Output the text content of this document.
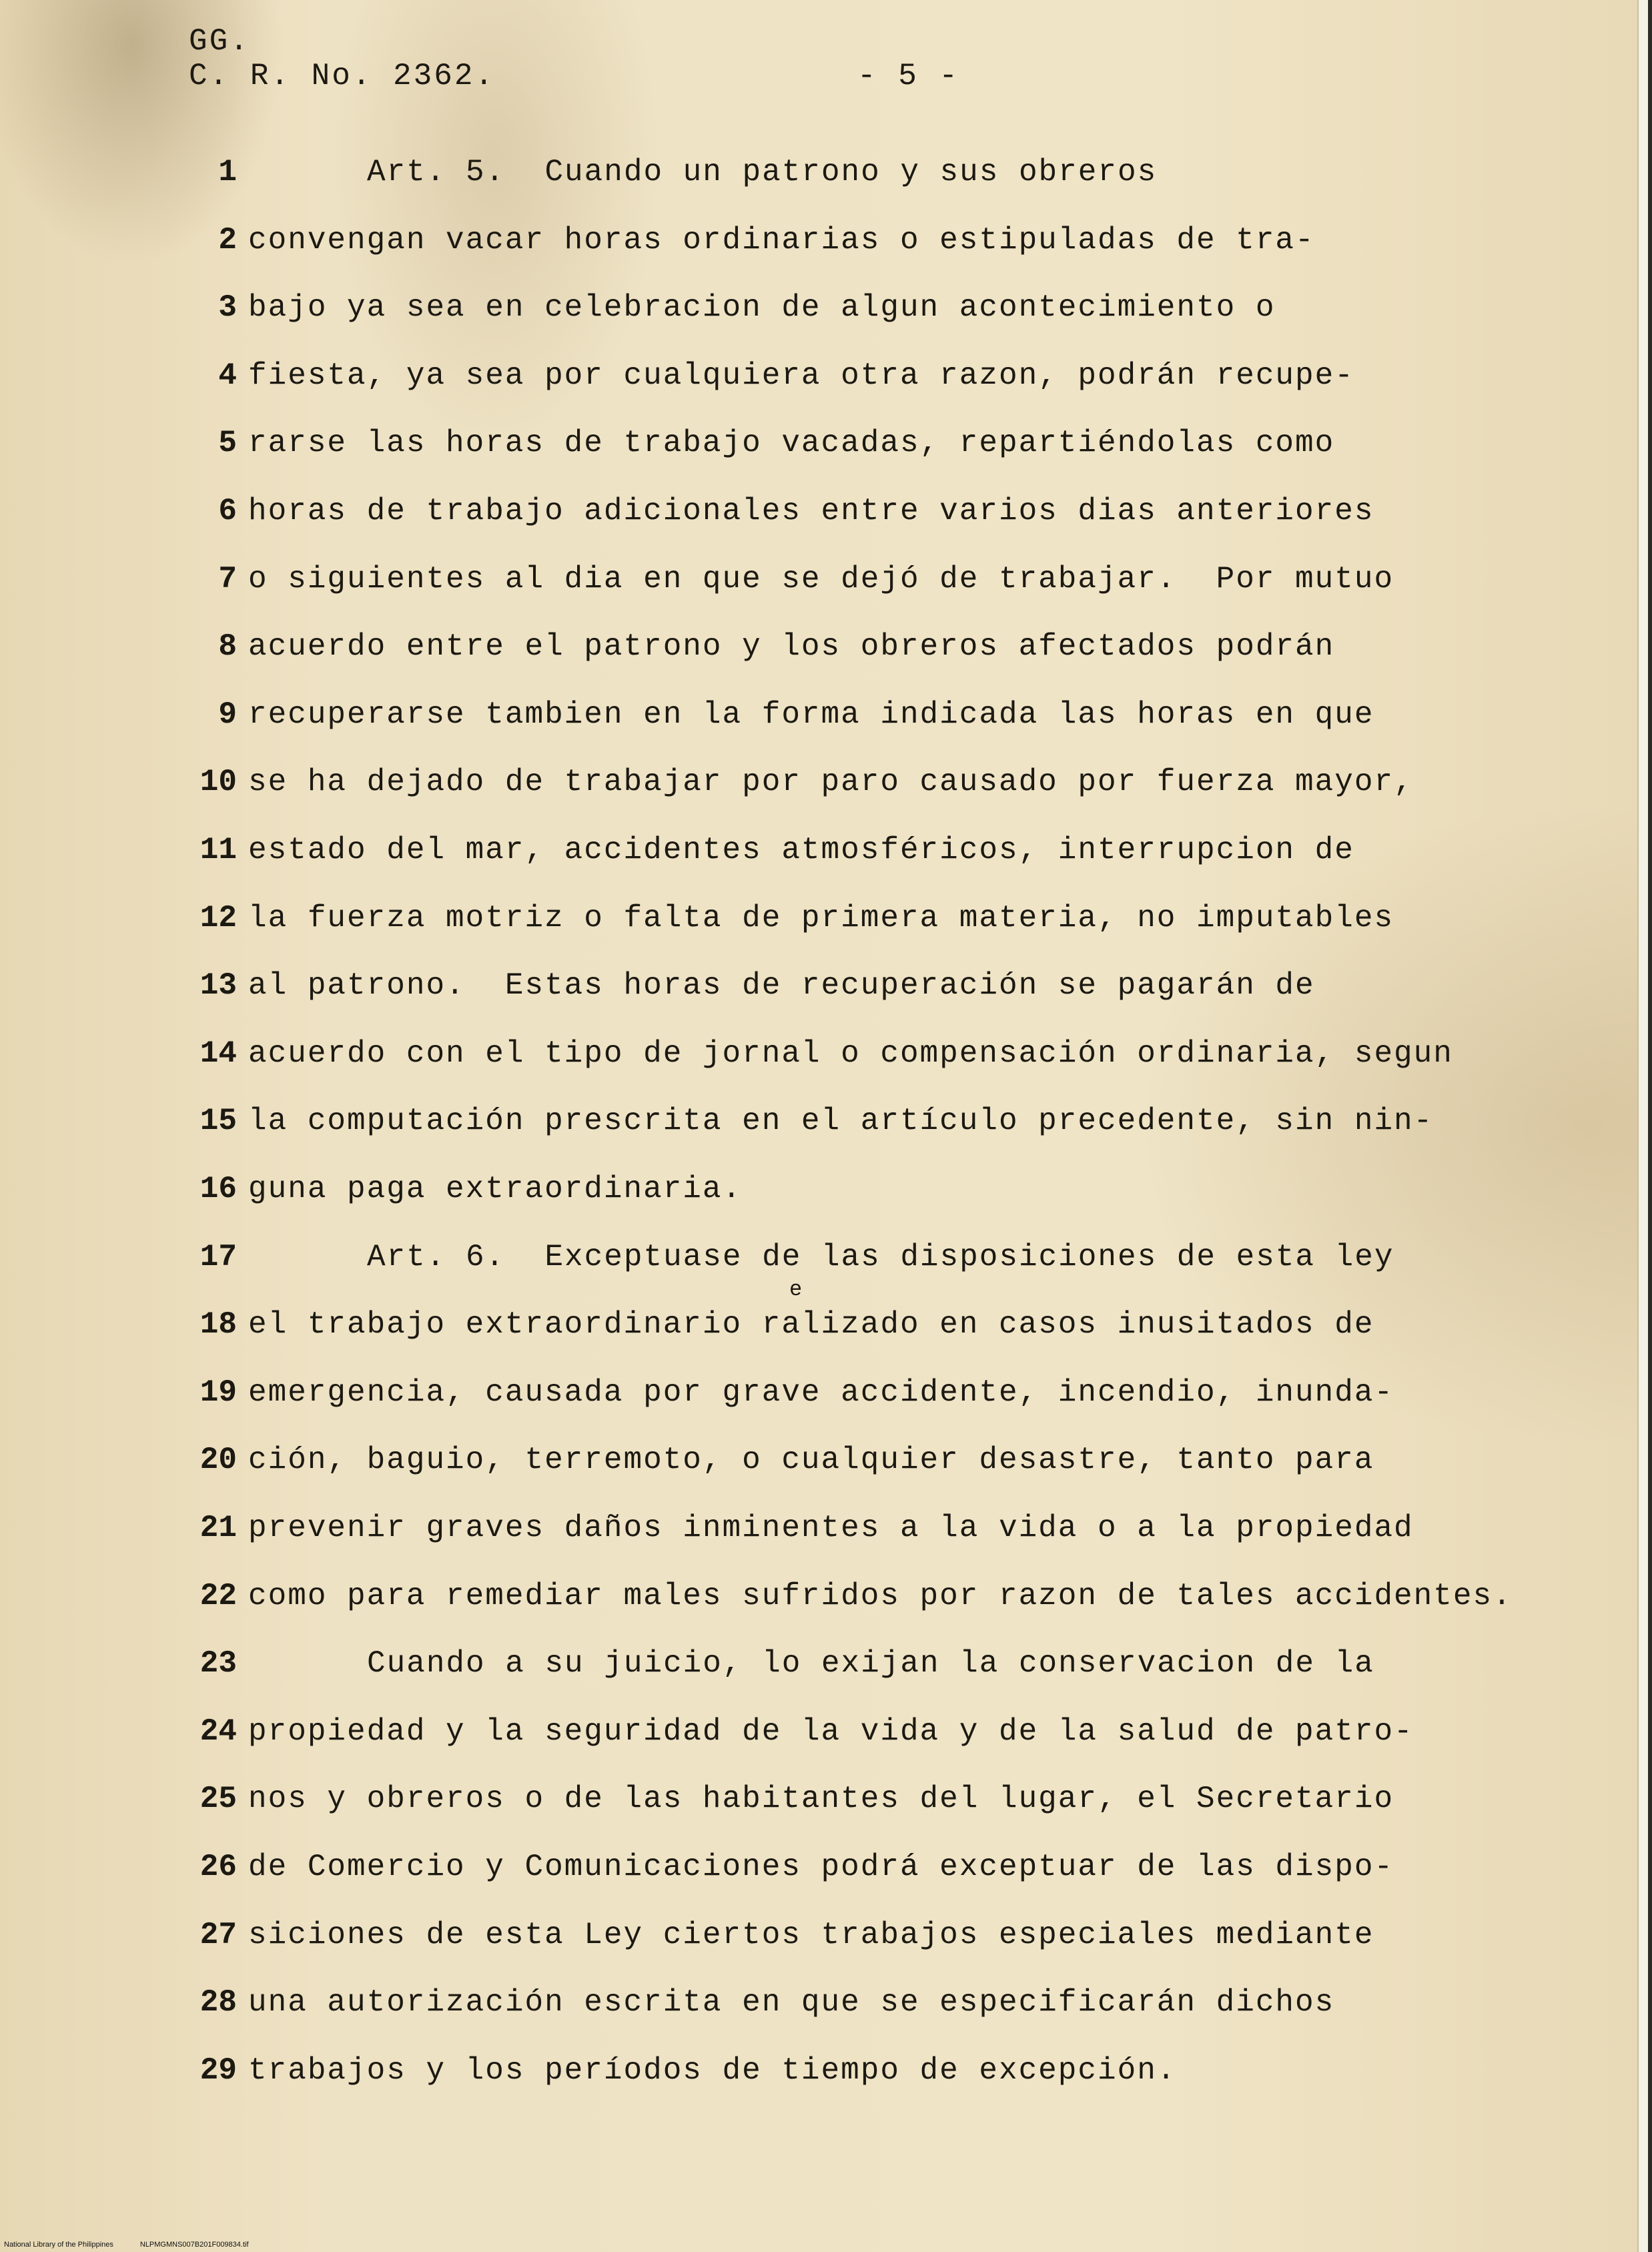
GG.
C. R. No. 2362.	- 5 -
1	Art. 5.  Cuando un patrono y sus obreros
2 convengan vacar horas ordinarias o estipuladas de tra-
3 bajo ya sea en celebracion de algun acontecimiento o
4 fiesta, ya sea por cualquiera otra razon, podrán recupe-
5 rarse las horas de trabajo vacadas, repartiéndolas como
6 horas de trabajo adicionales entre varios dias anteriores
7 o siguientes al dia en que se dejó de trabajar.  Por mutuo
8 acuerdo entre el patrono y los obreros afectados podrán
9 recuperarse tambien en la forma indicada las horas en que
10 se ha dejado de trabajar por paro causado por fuerza mayor,
11 estado del mar, accidentes atmosféricos, interrupcion de
12 la fuerza motriz o falta de primera materia, no imputables
13 al patrono.  Estas horas de recuperación se pagarán de
14 acuerdo con el tipo de jornal o compensación ordinaria, segun
15 la computación prescrita en el artículo precedente, sin nin-
16 guna paga extraordinaria.
17	Art. 6.  Exceptuase de las disposiciones de esta ley
18 el trabajo extraordinario ralizado en casos inusitados de
19 emergencia, causada por grave accidente, incendio, inunda-
20 ción, baguio, terremoto, o cualquier desastre, tanto para
21 prevenir graves daños inminentes a la vida o a la propiedad
22 como para remediar males sufridos por razon de tales accidentes.
23	Cuando a su juicio, lo exijan la conservacion de la
24 propiedad y la seguridad de la vida y de la salud de patro-
25 nos y obreros o de las habitantes del lugar, el Secretario
26 de Comercio y Comunicaciones podrá exceptuar de las dispo-
27 siciones de esta Ley ciertos trabajos especiales mediante
28 una autorización escrita en que se especificarán dichos
29 trabajos y los períodos de tiempo de excepción.
e
National Library of the Philippines	NLPMGMNS007B201F009834.tif
